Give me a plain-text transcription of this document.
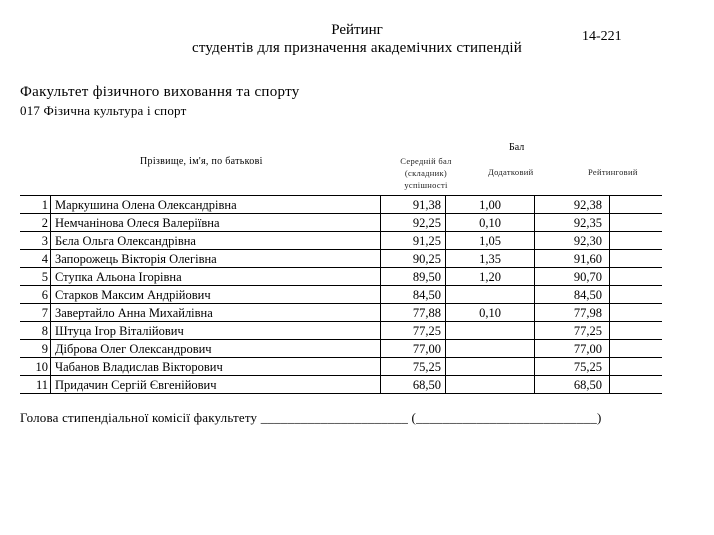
Рейтинг
студентів для призначення академічних стипендій
14-221
Факультет фізичного виховання та спорту
017 Фізична культура і спорт
Прізвище, ім'я, по батькові
Бал
Середній бал (складник) успішності
Додатковий	Рейтинговий
1	Маркушина Олена Олександрівна	91,38	1,00	92,38	
2	Немчанінова Олеся Валеріївна	92,25	0,10	92,35	
3	Бєла Ольга Олександрівна	91,25	1,05	92,30	
4	Запорожець Вікторія Олегівна	90,25	1,35	91,60	
5	Ступка Альона Ігорівна	89,50	1,20	90,70	
6	Старков Максим Андрійович	84,50		84,50	
7	Завертайло Анна Михайлівна	77,88	0,10	77,98	
8	Штуца Ігор Віталійович	77,25		77,25	
9	Діброва Олег Олександрович	77,00		77,00	
10	Чабанов Владислав Вікторович	75,25		75,25	
11	Придачин Сергій Євгенійович	68,50		68,50	
Голова стипендіальної комісії факультету ______________________ (___________________________)
